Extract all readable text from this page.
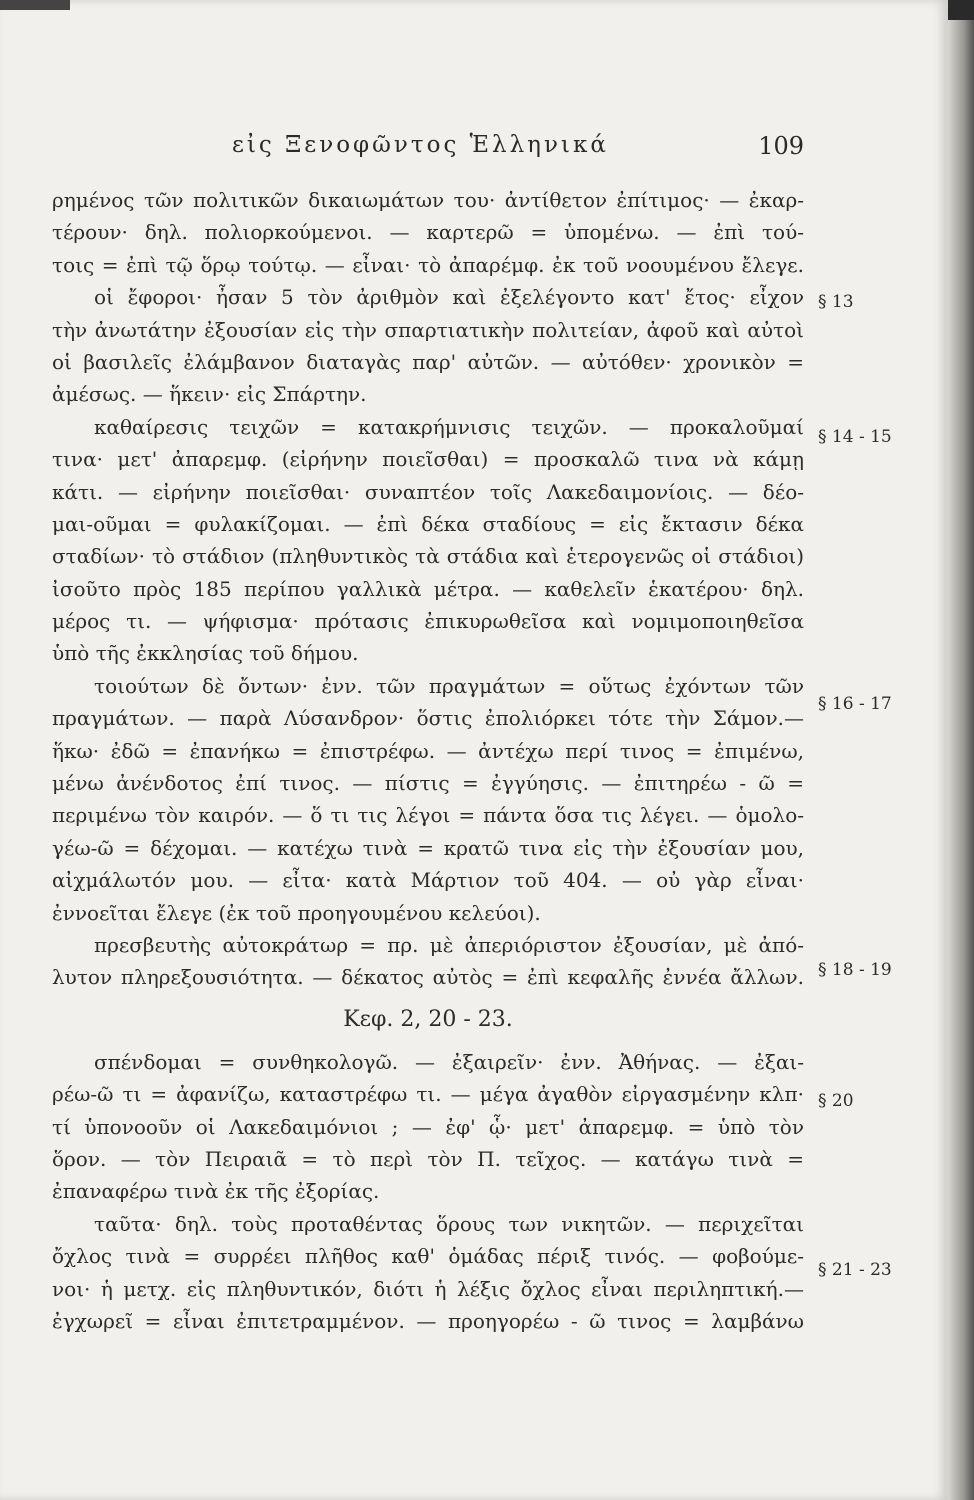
εἰς Ξενοφῶντος Ἑλληνικά	109
ρημένος τῶν πολιτικῶν δικαιωμάτων του· ἀντίθετον ἐπίτιμος· — ἐκαρ-
τέρουν· δηλ. πολιορκούμενοι. — καρτερῶ = ὑπομένω. — ἐπὶ τού-
τοις = ἐπὶ τῷ ὅρῳ τούτῳ. — εἶναι· τὸ ἀπαρέμφ. ἐκ τοῦ νοουμένου ἔλεγε.
οἱ ἔφοροι· ἦσαν 5 τὸν ἀριθμὸν καὶ ἐξελέγοντο κατ' ἔτος· εἶχον
τὴν ἀνωτάτην ἐξουσίαν εἰς τὴν σπαρτιατικὴν πολιτείαν, ἀφοῦ καὶ αὐτοὶ
οἱ βασιλεῖς ἐλάμβανον διαταγὰς παρ' αὐτῶν. — αὐτόθεν· χρονικὸν =
ἀμέσως. — ἥκειν· εἰς Σπάρτην.
καθαίρεσις τειχῶν = κατακρήμνισις τειχῶν. — προκαλοῦμαί
τινα· μετ' ἀπαρεμφ. (εἰρήνην ποιεῖσθαι) = προσκαλῶ τινα νὰ κάμῃ
κάτι. — εἰρήνην ποιεῖσθαι· συναπτέον τοῖς Λακεδαιμονίοις. — δέο-
μαι-οῦμαι = φυλακίζομαι. — ἐπὶ δέκα σταδίους = εἰς ἔκτασιν δέκα
σταδίων· τὸ στάδιον (πληθυντικὸς τὰ στάδια καὶ ἑτερογενῶς οἱ στάδιοι)
ἰσοῦτο πρὸς 185 περίπου γαλλικὰ μέτρα. — καθελεῖν ἑκατέρου· δηλ.
μέρος τι. — ψήφισμα· πρότασις ἐπικυρωθεῖσα καὶ νομιμοποιηθεῖσα
ὑπὸ τῆς ἐκκλησίας τοῦ δήμου.
τοιούτων δὲ ὄντων· ἐνν. τῶν πραγμάτων = οὕτως ἐχόντων τῶν
πραγμάτων. — παρὰ Λύσανδρον· ὅστις ἐπολιόρκει τότε τὴν Σάμον.—
ἥκω· ἐδῶ = ἐπανήκω = ἐπιστρέφω. — ἀντέχω περί τινος = ἐπιμένω,
μένω ἀνένδοτος ἐπί τινος. — πίστις = ἐγγύησις. — ἐπιτηρέω - ῶ =
περιμένω τὸν καιρόν. — ὅ τι τις λέγοι = πάντα ὅσα τις λέγει. — ὁμολο-
γέω-ῶ = δέχομαι. — κατέχω τινὰ = κρατῶ τινα εἰς τὴν ἐξουσίαν μου,
αἰχμάλωτόν μου. — εἶτα· κατὰ Μάρτιον τοῦ 404. — οὐ γὰρ εἶναι·
ἐννοεῖται ἔλεγε (ἐκ τοῦ προηγουμένου κελεύοι).
πρεσβευτὴς αὐτοκράτωρ = πρ. μὲ ἀπεριόριστον ἐξουσίαν, μὲ ἀπό-
λυτον πληρεξουσιότητα. — δέκατος αὐτὸς = ἐπὶ κεφαλῆς ἐννέα ἄλλων.
Κεφ. 2, 20 - 23.
σπένδομαι = συνθηκολογῶ. — ἐξαιρεῖν· ἐνν. Ἀθήνας. — ἐξαι-
ρέω-ῶ τι = ἀφανίζω, καταστρέφω τι. — μέγα ἀγαθὸν εἰργασμένην κλπ·
τί ὑπονοοῦν οἱ Λακεδαιμόνιοι ; — ἐφ' ᾧ· μετ' ἀπαρεμφ. = ὑπὸ τὸν
ὅρον. — τὸν Πειραιᾶ = τὸ περὶ τὸν Π. τεῖχος. — κατάγω τινὰ =
ἐπαναφέρω τινὰ ἐκ τῆς ἐξορίας.
ταῦτα· δηλ. τοὺς προταθέντας ὅρους των νικητῶν. — περιχεῖται
ὄχλος τινὰ = συρρέει πλῆθος καθ' ὁμάδας πέριξ τινός. — φοβούμε-
νοι· ἡ μετχ. εἰς πληθυντικόν, διότι ἡ λέξις ὄχλος εἶναι περιληπτική.—
ἐγχωρεῖ = εἶναι ἐπιτετραμμένον. — προηγορέω - ῶ τινος = λαμβάνω
§ 13
§ 14 - 15
§ 16 - 17
§ 18 - 19
§ 20
§ 21 - 23
